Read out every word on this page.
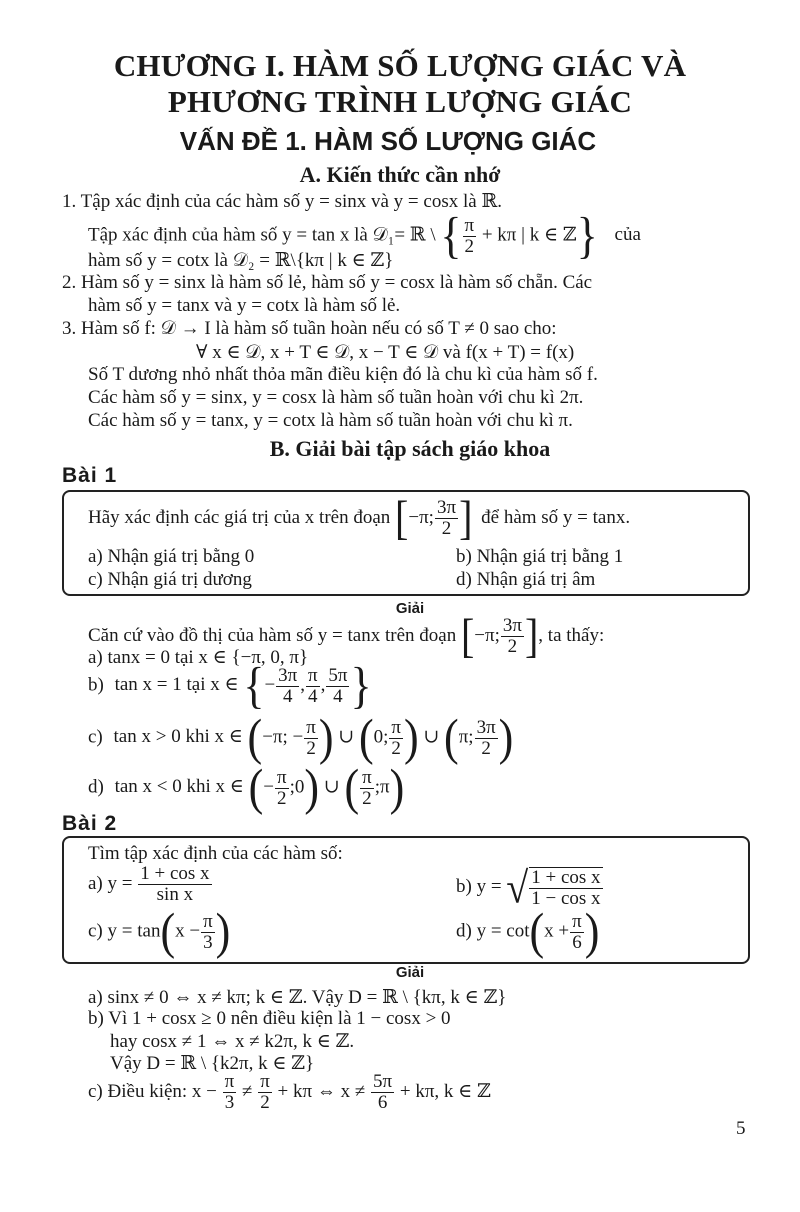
CHƯƠNG I. HÀM SỐ LƯỢNG GIÁC VÀ
PHƯƠNG TRÌNH LƯỢNG GIÁC
VẤN ĐỀ 1. HÀM SỐ LƯỢNG GIÁC
A. Kiến thức cần nhớ
1. Tập xác định của các hàm số y = sinx và y = cosx là ℝ.
Tập xác định của hàm số y = tan x là 𝒟₁= ℝ \ { $\frac{\pi}{2} + k\pi$ | k ∈ ℤ} của
hàm số y = cotx là 𝒟₂ = ℝ\{kπ | k ∈ ℤ}
2. Hàm số y = sinx là hàm số lẻ, hàm số y = cosx là hàm số chẵn. Các
hàm số y = tanx và y = cotx là hàm số lẻ.
3. Hàm số f: 𝒟 → I là hàm số tuần hoàn nếu có số T ≠ 0 sao cho:
∀ x ∈ 𝒟, x + T ∈ 𝒟, x − T ∈ 𝒟 và f(x + T) = f(x)
Số T dương nhỏ nhất thỏa mãn điều kiện đó là chu kì của hàm số f.
Các hàm số y = sinx, y = cosx là hàm số tuần hoàn với chu kì 2π.
Các hàm số y = tanx, y = cotx là hàm số tuần hoàn với chu kì π.
B. Giải bài tập sách giáo khoa
Bài 1
Hãy xác định các giá trị của x trên đoạn [−π; $\frac{3\pi}{2}$ ] để hàm số y = tanx.
a) Nhận giá trị bằng 0	b) Nhận giá trị bằng 1
c) Nhận giá trị dương	d) Nhận giá trị âm
Giải
Căn cứ vào đồ thị của hàm số y = tanx trên đoạn [−π; $\frac{3\pi}{2}$ ], ta thấy:
a) tanx = 0 tại x ∈ {−π, 0, π}
b) tan x = 1 tại x ∈ {− $\frac{3\pi}{4}$ , $\frac{\pi}{4}$ , $\frac{5\pi}{4}$ }
c) tan x > 0 khi x ∈ (−π; − $\frac{\pi}{2}$ ) ∪ (0; $\frac{\pi}{2}$ ) ∪ (π; $\frac{3\pi}{2}$ )
d) tan x < 0 khi x ∈ (− $\frac{\pi}{2}$ ;0) ∪ ( $\frac{\pi}{2}$ ;π)
Bài 2
Tìm tập xác định của các hàm số:
a) $y = \frac{\text{1 + cos x}}{\text{sin x}}$	b) y = √ $\frac{\text{1 + cos x}}{\text{1 − cos x}}$
c) $y = \tan(x - \frac{\pi}{3}$ )	d) $y = \cot(x + \frac{\pi}{6}$ )
Giải
a) sinx ≠ 0 ⇔ x ≠ kπ; k ∈ ℤ. Vậy D = ℝ \ {kπ, k ∈ ℤ}
b) Vì 1 + cosx ≥ 0 nên điều kiện là 1 − cosx > 0
hay cosx ≠ 1 ⇔ x ≠ k2π, k ∈ ℤ.
Vậy D = ℝ \ {k2π, k ∈ ℤ}
c) Điều kiện: $x - \frac{\pi}{3} \ne \frac{\pi}{2} + k\pi$ ⇔ $x \ne \frac{5\pi}{6} + k\pi$, k ∈ ℤ
5
